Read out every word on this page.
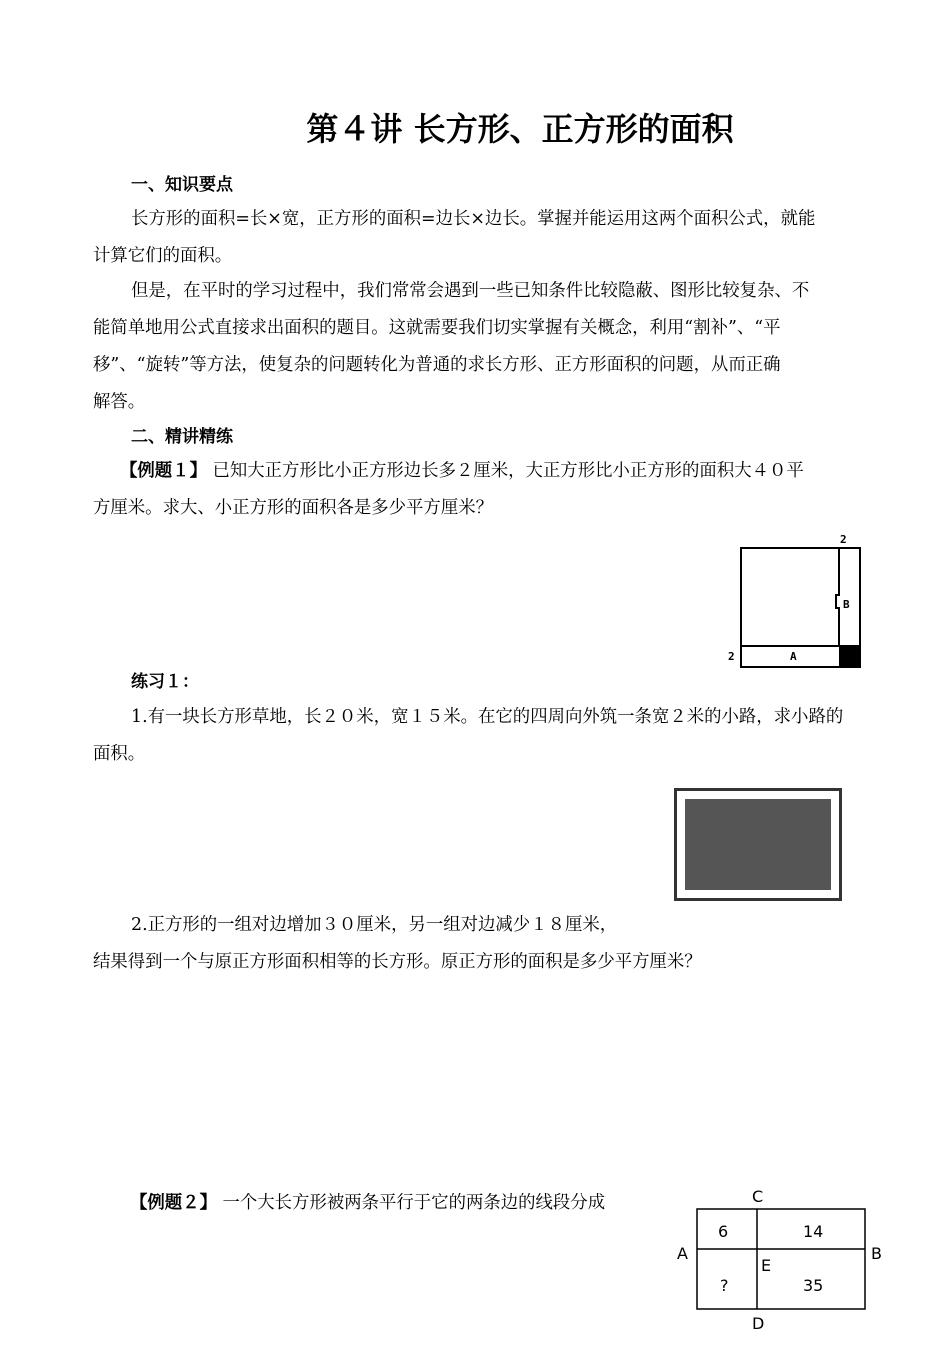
第４讲 长方形、正方形的面积
一、知识要点
长方形的面积=长×宽，正方形的面积=边长×边长。掌握并能运用这两个面积公式，就能
计算它们的面积。
但是，在平时的学习过程中，我们常常会遇到一些已知条件比较隐蔽、图形比较复杂、不
能简单地用公式直接求出面积的题目。这就需要我们切实掌握有关概念，利用“割补”、“平
移”、“旋转”等方法，使复杂的问题转化为普通的求长方形、正方形面积的问题，从而正确
解答。
二、精讲精练
【例题１】 已知大正方形比小正方形边长多２厘米，大正方形比小正方形的面积大４０平
方厘米。求大、小正方形的面积各是多少平方厘米？
2
2	A
B
练习１：
1.有一块长方形草地，长２０米，宽１５米。在它的四周向外筑一条宽２米的小路，求小路的
面积。
2.正方形的一组对边增加３０厘米，另一组对边减少１８厘米，
结果得到一个与原正方形面积相等的长方形。原正方形的面积是多少平方厘米？
【例题２】 一个大长方形被两条平行于它的两条边的线段分成	C
A	B
D
E
6	14
?	35
